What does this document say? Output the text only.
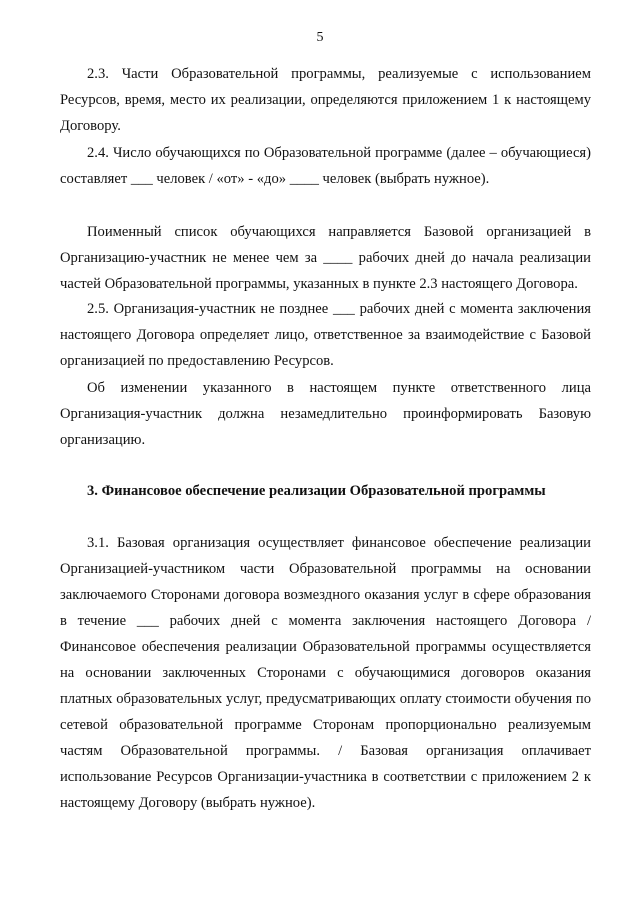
5

2.3. Части Образовательной программы, реализуемые с использованием Ресурсов, время, место их реализации, определяются приложением 1 к настоящему Договору.

2.4. Число обучающихся по Образовательной программе (далее – обучающиеся) составляет ___ человек / «от» - «до» ____ человек (выбрать нужное).

Поименный список обучающихся направляется Базовой организацией в Организацию-участник не менее чем за ____ рабочих дней до начала реализации частей Образовательной программы, указанных в пункте 2.3 настоящего Договора.

2.5. Организация-участник не позднее ___ рабочих дней с момента заключения настоящего Договора определяет лицо, ответственное за взаимодействие с Базовой организацией по предоставлению Ресурсов.

Об изменении указанного в настоящем пункте ответственного лица Организация-участник должна незамедлительно проинформировать Базовую организацию.

3. Финансовое обеспечение реализации Образовательной программы

3.1. Базовая организация осуществляет финансовое обеспечение реализации Организацией-участником части Образовательной программы на основании заключаемого Сторонами договора возмездного оказания услуг в сфере образования в течение ___ рабочих дней с момента заключения настоящего Договора / Финансовое обеспечения реализации Образовательной программы осуществляется на основании заключенных Сторонами с обучающимися договоров оказания платных образовательных услуг, предусматривающих оплату стоимости обучения по сетевой образовательной программе Сторонам пропорционально реализуемым частям Образовательной программы. / Базовая организация оплачивает использование Ресурсов Организации-участника в соответствии с приложением 2 к настоящему Договору (выбрать нужное).
